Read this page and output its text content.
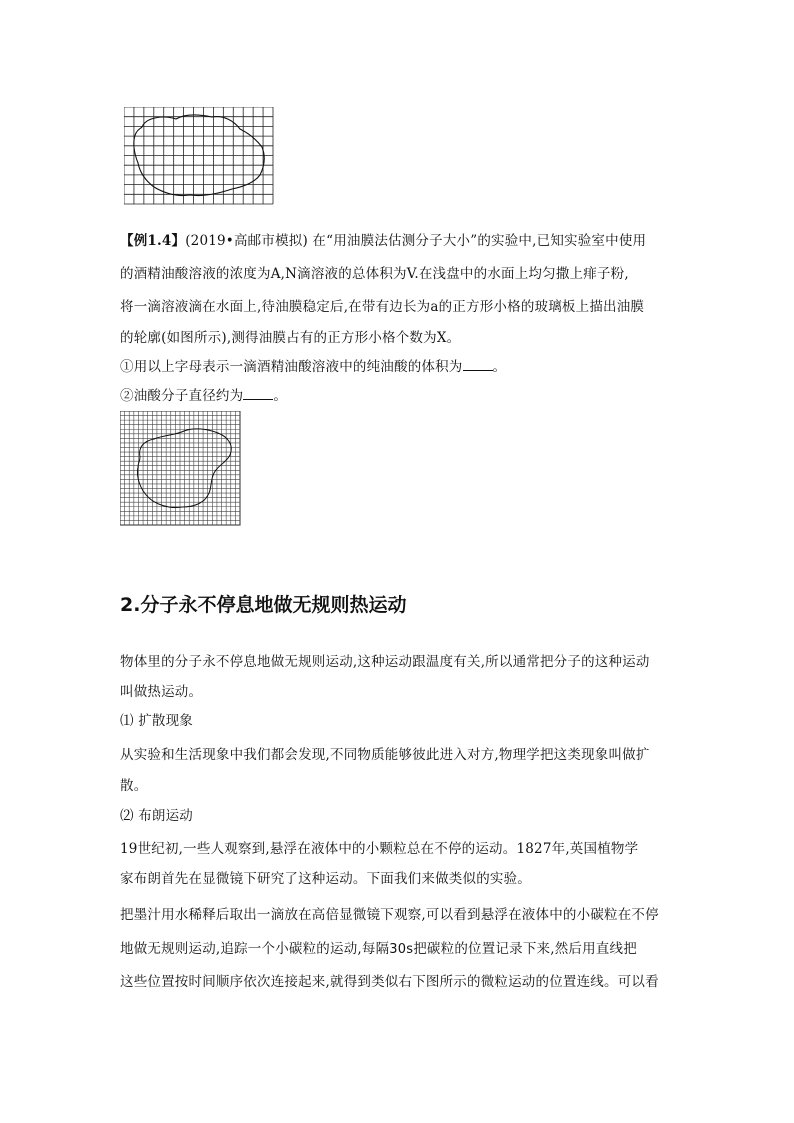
【例1.4】(2019•高邮市模拟) 在“用油膜法估测分子大小”的实验中,已知实验室中使用
的酒精油酸溶液的浓度为A,N滴溶液的总体积为V.在浅盘中的水面上均匀撒上痱子粉,
将一滴溶液滴在水面上,待油膜稳定后,在带有边长为a的正方形小格的玻璃板上描出油膜
的轮廓(如图所示),测得油膜占有的正方形小格个数为X。
①用以上字母表示一滴酒精油酸溶液中的纯油酸的体积为 。
②油酸分子直径约为 。
2.分子永不停息地做无规则热运动
物体里的分子永不停息地做无规则运动,这种运动跟温度有关,所以通常把分子的这种运动
叫做热运动。
⑴ 扩散现象
从实验和生活现象中我们都会发现,不同物质能够彼此进入对方,物理学把这类现象叫做扩
散。
⑵ 布朗运动
19世纪初,一些人观察到,悬浮在液体中的小颗粒总在不停的运动。1827年,英国植物学
家布朗首先在显微镜下研究了这种运动。下面我们来做类似的实验。
把墨汁用水稀释后取出一滴放在高倍显微镜下观察,可以看到悬浮在液体中的小碳粒在不停
地做无规则运动,追踪一个小碳粒的运动,每隔30s把碳粒的位置记录下来,然后用直线把
这些位置按时间顺序依次连接起来,就得到类似右下图所示的微粒运动的位置连线。可以看
